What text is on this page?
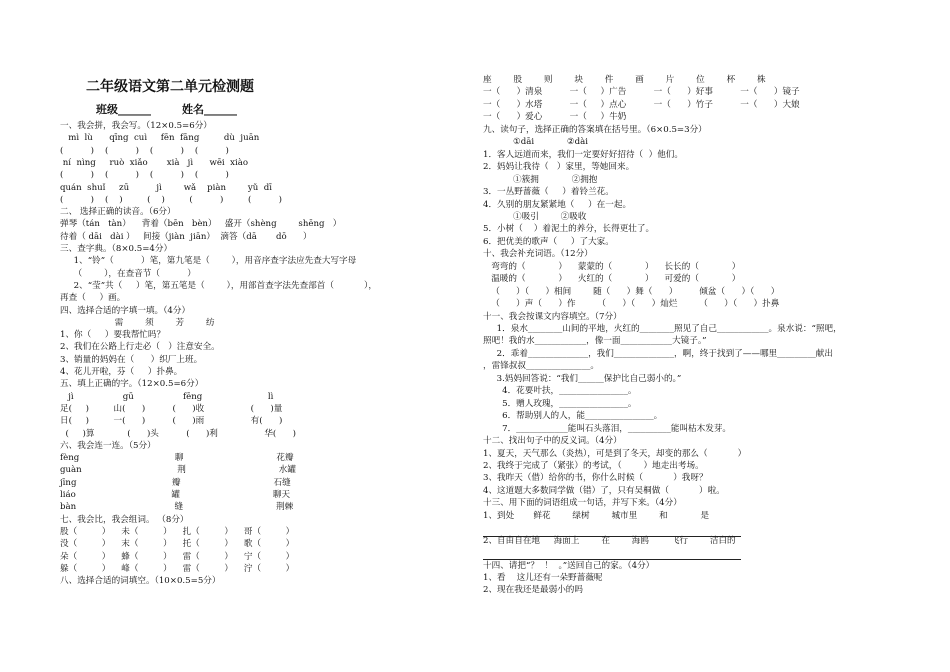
二年级语文第二单元检测题
班级______	姓名______
一、我会拼，我会写。（12×0.5=6分）
mì  lù      qīng  cuì     fēn  fāng         dù  juān
(          )    (          )    (          )    (          )
ní  nìng     ruò  xiǎo       xià   jì      wēi  xiào
(          )    (          )    (          )    (          )
quán  shuǐ     zū          jì        wǎ    piàn        yǔ  dī
(          )    (    )         (    )         (          )         (          )
二、 选择正确的读音。（6分）
弹琴（tán   tàn）    背着（bēn   bèn）   盛开（shèng        shēng   ）
待着（ dāi   dài ）   间接（jiàn  jiān）  滴答（dā       dō      ）
三、查字典。（8×0.5=4分）
1、“铃”（          ）笔，第九笔是（        ），用音序查字法应先查大写字母
（        ），在查音节（          ）
2、“莹”共（     ）笔，第五笔是（        ），用部首查字法先查部首（           ），
再查（     ）画。
四、选择合适的字填一填。（4分）
需        须        芳        纺
1、你（     ）要我帮忙吗？
2、我们在公路上行走必（   ）注意安全。
3、销量的妈妈在（      ）织厂上班。
4、花儿开啦，芬（     ）扑鼻。
五、填上正确的字。（12×0.5=6分）
jì                  gū                  fēng                        lì
足(     )         山(      )          (      )收                 (      )量
日(     )         一(      )          (      )雨                 有(      )
(     )算            (      )头          (      )利                 华(      )
六、我会连一连。（5分）
fèng                                   聊                                  花瓣
guàn                                   荆                                  水罐
jīng                                   瓣                                  石缝
liáo                                   罐                                  聊天
bàn                                    缝                                  荆棘
七、我会比，我会组词。 （8分）
股（         ）    未（         ）    扎（         ）    哥（         ）
没（         ）    末（         ）    托（         ）    歌（         ）
朵（         ）    蜂（         ）    雷（         ）    宁（         ）
躲（         ）    峰（         ）    雷（         ）    泞（         ）
八、选择合适的词填空。（10×0.5=5分）
座        股        则        块        件        画        片        位        杯        株
一（      ）清泉          一（     ）广告          一（      ）好事          一（      ）镜子
一（      ）水塔          一（     ）点心          一（      ）竹子          一（      ）大娘
一（      ）爱心          一（     ）牛奶
九、读句子，选择正确的答案填在括号里。（6×0.5=3分）
①dāi            ②dài
1．客人远道而来，我们一定要好好招待（  ）他们。
2．妈妈让我待（   ）家里，等她回来。
①簇拥            ②拥抱
3．一丛野蔷薇（     ）着铃兰花。
4．久别的朋友紧紧地（     ）在一起。
①吸引        ②吸收
5．小树（    ）着泥土的养分，长得更壮了。
6．把优美的歌声（     ）了大家。
十、我会补充词语。（12分）
弯弯的（            ）    蒙蒙的（            ）    长长的（            ）
温暖的（            ）    火红的（            ）    可爱的（            ）
（      ）（      ）相间        随（      ）舞（      ）        倾盆（      ）（      ）
（      ）声（      ）作        （      ）（      ）灿烂        （      ）（      ）扑鼻
十一、我会按课文内容填空。（7分）
1．泉水________山间的平地，火红的________照见了自己____________。泉水说：“照吧，
照吧！我的水____________，像一面____________大镜子。”
2．乖着______________，我们______________，啊，终于找到了——哪里_________献出
，雷锋叔叔_______________。
3.妈妈回答说：“我们______保护比自己弱小的。”
4．花要叶扶，________________。
5．赠人玫瑰，________________。
6．帮助别人的人，能________________。
7．____________能叫石头落泪，__________能叫枯木发芽。
十二、找出句子中的反义词。（4分）
1、夏天，天气那么（炎热），可是到了冬天，却变的那么（           ）
2、我终于完成了（紧张）的考试，（        ）地走出考场。
3、我昨天（借）给你的书，你什么时候（           ）我呀？
4、这道题大多数同学做（错）了，只有吴桐做（           ）啦。
十三、用下面的词语组成一句话，并写下来。（4分）
1、到处       鲜花        绿树        城市里        和            是
2、自由自在地     海面上        在        海鸥        飞行        洁白的
十四、请把“？  ！  。”送回自己的家。（4分）
1、看    这儿还有一朵野蔷薇呢
2、现在我还是最弱小的吗
